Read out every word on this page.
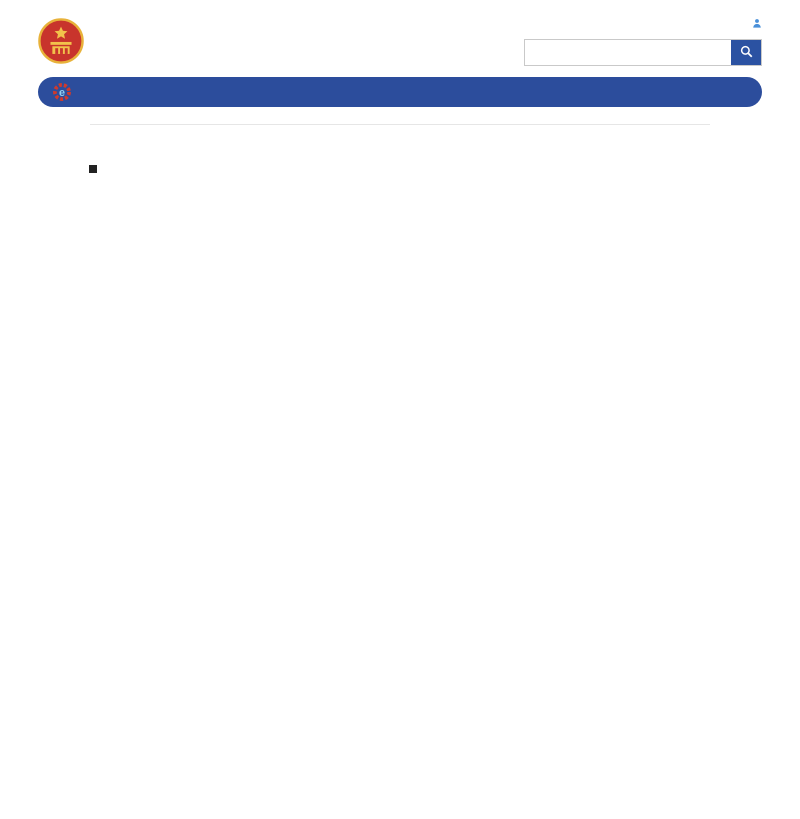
e
